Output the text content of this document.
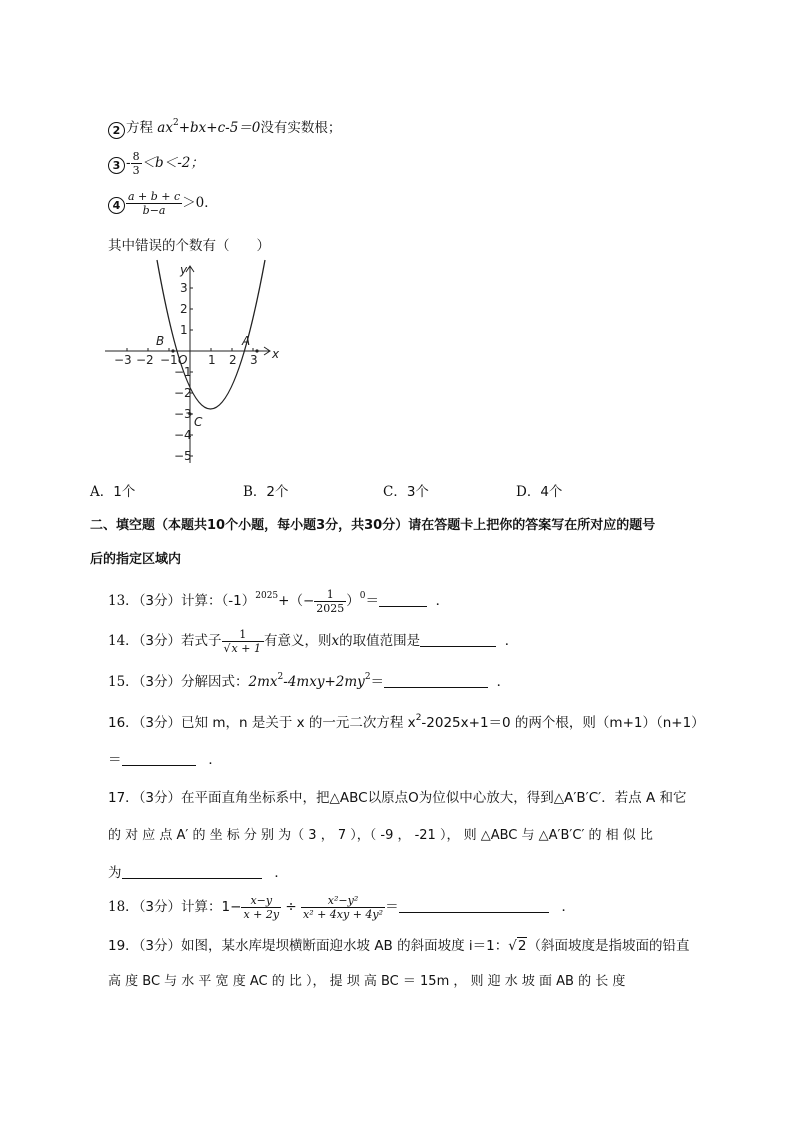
2 方程 $ax^2+bx+c-5=0$没有实数根；
$3 - \frac{8}{3} <b<-2$；
$4 \frac{a + b + c}{b-a} >0$．
其中错误的个数有（　　）
x
y
O
A
B
C
−3 −2 −1	1 2 3
3
2
1
−1
−2
−3
−4
−5
A．1个	B．2个	C．3个	D．4个
二、填空题（本题共10个小题，每小题3分，共30分）请在答题卡上把你的答案写在所对应的题号
后的指定区域内
13．（3分）计算：$(-1)^{2025}+(- \frac{1}{2025} )^0=$	．
14．（3分）若式子 $\frac{1}{√x + 1}$ 有意义，则x的取值范围是	．
15．（3分）分解因式：$2mx^2-4mxy+2my^2=$	．
16．（3分）已知 m，n 是关于 x 的一元二次方程 $x^2-2025x+1=0$ 的两个根，则（m+1）（n+1）
＝	．
17．（3分）在平面直角坐标系中，把△ABC以原点O为位似中心放大，得到△A′B′C′．若点 A 和它
的 对 应 点 A′ 的 坐 标 分 别 为（ 3 ， 7 ），（ -9 ， -21 ）， 则 △ABC 与 △A′B′C′ 的 相 似 比
为	．
18．（3分）计算：$1- \frac{x-y}{x + 2y} \div \frac{\text{x²−y²}}{\text{x² + 4xy + 4y²}}$ ＝	．
19．（3分）如图，某水库堤坝横断面迎水坡 AB 的斜面坡度 i＝1：√2（斜面坡度是指坡面的铅直
高 度 BC 与 水 平 宽 度 AC 的 比 ）， 提 坝 高 BC ＝ 15m ， 则 迎 水 坡 面 AB 的 长 度
